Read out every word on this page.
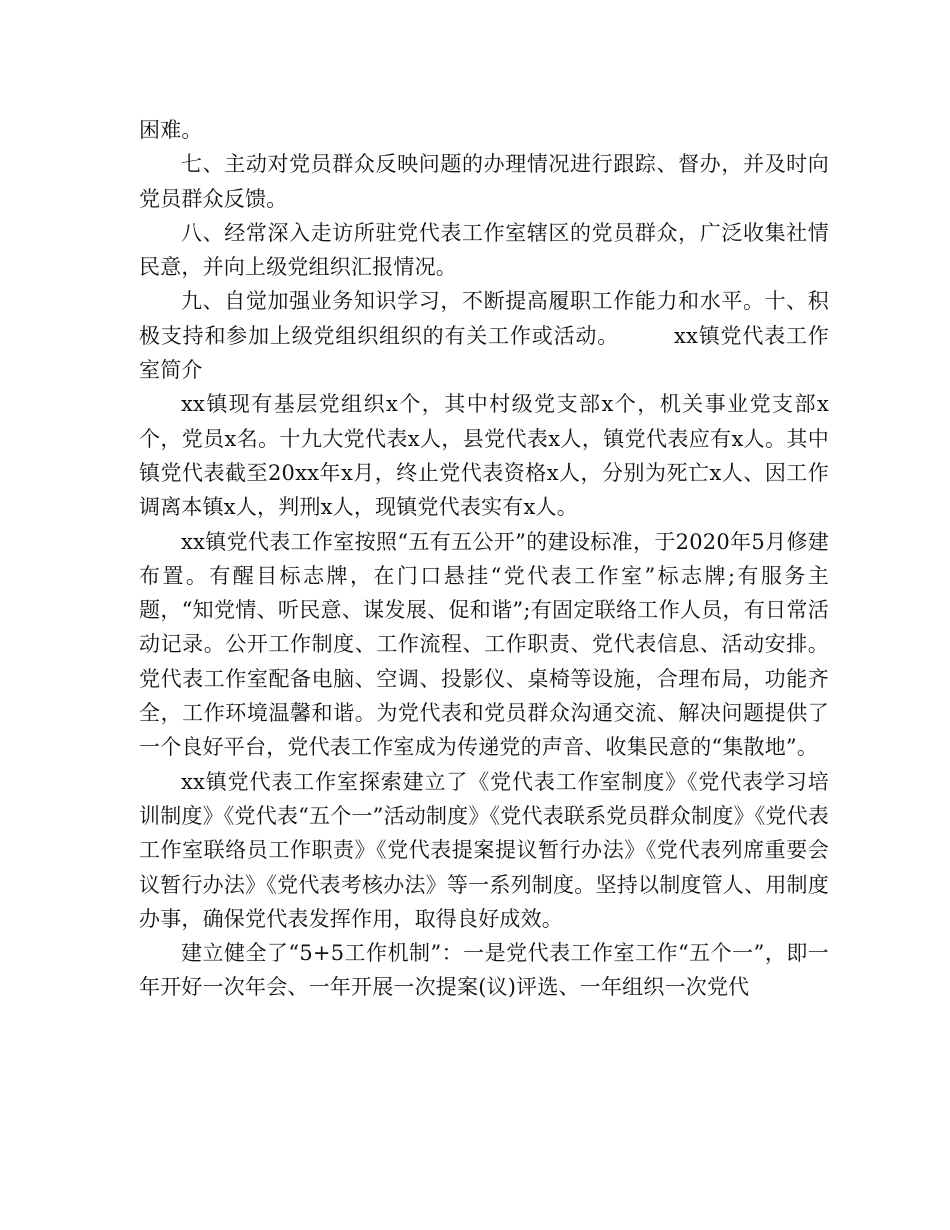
困难。

七、主动对党员群众反映问题的办理情况进行跟踪、督办，并及时向党员群众反馈。

八、经常深入走访所驻党代表工作室辖区的党员群众，广泛收集社情民意，并向上级党组织汇报情况。

九、自觉加强业务知识学习，不断提高履职工作能力和水平。十、积极支持和参加上级党组织组织的有关工作或活动。　　　xx镇党代表工作室简介

xx镇现有基层党组织x个，其中村级党支部x个，机关事业党支部x个，党员x名。十九大党代表x人，县党代表x人，镇党代表应有x人。其中镇党代表截至20xx年x月，终止党代表资格x人，分别为死亡x人、因工作调离本镇x人，判刑x人，现镇党代表实有x人。

xx镇党代表工作室按照“五有五公开”的建设标准，于2020年5月修建布置。有醒目标志牌，在门口悬挂“党代表工作室”标志牌;有服务主题，“知党情、听民意、谋发展、促和谐”;有固定联络工作人员，有日常活动记录。公开工作制度、工作流程、工作职责、党代表信息、活动安排。党代表工作室配备电脑、空调、投影仪、桌椅等设施，合理布局，功能齐全，工作环境温馨和谐。为党代表和党员群众沟通交流、解决问题提供了一个良好平台，党代表工作室成为传递党的声音、收集民意的“集散地”。

xx镇党代表工作室探索建立了《党代表工作室制度》《党代表学习培训制度》《党代表“五个一”活动制度》《党代表联系党员群众制度》《党代表工作室联络员工作职责》《党代表提案提议暂行办法》《党代表列席重要会议暂行办法》《党代表考核办法》等一系列制度。坚持以制度管人、用制度办事，确保党代表发挥作用，取得良好成效。

建立健全了“5+5工作机制”：一是党代表工作室工作“五个一”，即一年开好一次年会、一年开展一次提案(议)评选、一年组织一次党代
